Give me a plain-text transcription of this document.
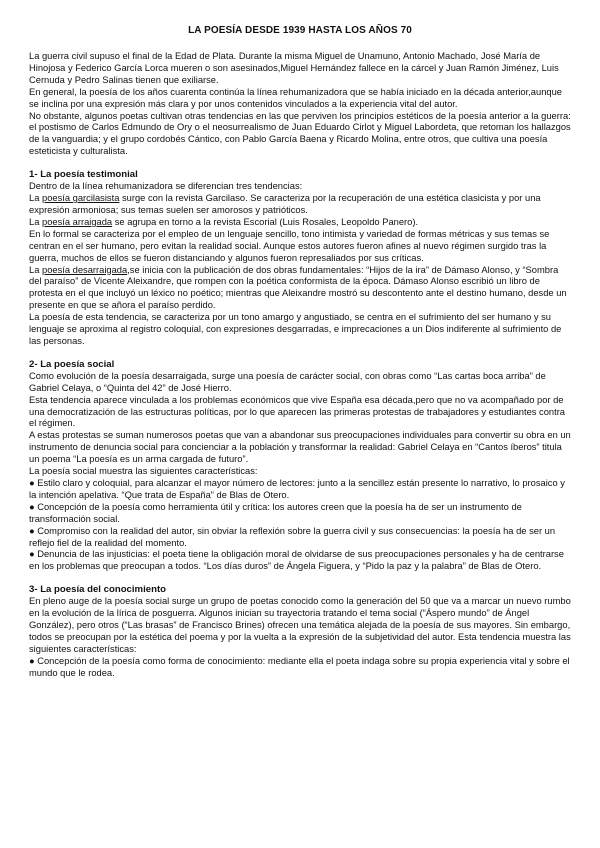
LA POESÍA DESDE 1939 HASTA LOS AÑOS 70

La guerra civil supuso el final de la Edad de Plata. Durante la misma Miguel de Unamuno, Antonio Machado, José María de Hinojosa y Federico García Lorca mueren o son asesinados,Miguel Hernández fallece en la cárcel y Juan Ramón Jiménez, Luis Cernuda y Pedro Salinas tienen que exiliarse.

En general, la poesía de los años cuarenta continúa la línea rehumanizadora que se había iniciado en la década anterior,aunque se inclina por una expresión más clara y por unos contenidos vinculados a la experiencia vital del autor.

No obstante, algunos poetas cultivan otras tendencias en las que perviven los principios estéticos de la poesía anterior a la guerra: el postismo de Carlos Edmundo de Ory o el neosurrealismo de Juan Eduardo Cirlot y Miguel Labordeta, que retoman los hallazgos de la vanguardia; y el grupo cordobés Cántico, con Pablo García Baena y Ricardo Molina, entre otros, que cultiva una poesía esteticista y culturalista.

1- La poesía testimonial

Dentro de la línea rehumanizadora se diferencian tres tendencias:

La poesía garcilasista surge con la revista Garcilaso. Se caracteriza por la recuperación de una estética clasicista y por una expresión armoniosa; sus temas suelen ser amorosos y patrióticos.

La poesía arraigada se agrupa en torno a la revista Escorial (Luis Rosales, Leopoldo Panero).

En lo formal se caracteriza por el empleo de un lenguaje sencillo, tono intimista y variedad de formas métricas y sus temas se centran en el ser humano, pero evitan la realidad social. Aunque estos autores fueron afines al nuevo régimen surgido tras la guerra, muchos de ellos se fueron distanciando y algunos fueron represaliados por sus críticas.

La poesía desarraigada,se inicia con la publicación de dos obras fundamentales: “Hijos de la ira” de Dámaso Alonso, y “Sombra del paraíso” de Vicente Aleixandre, que rompen con la poética conformista de la época. Dámaso Alonso escribió un libro de protesta en el que incluyó un léxico no poético; mientras que Aleixandre mostró su descontento ante el destino humano, desde un presente en que se añora el paraíso perdido.

La poesía de esta tendencia, se caracteriza por un tono amargo y angustiado, se centra en el sufrimiento del ser humano y su lenguaje se aproxima al registro coloquial, con expresiones desgarradas, e imprecaciones a un Dios indiferente al sufrimiento de las personas.

2- La poesía social

Como evolución de la poesía desarraigada, surge una poesía de carácter social, con obras como “Las cartas boca arriba” de Gabriel Celaya, o “Quinta del 42” de José Hierro.

Esta tendencia aparece vinculada a los problemas económicos que vive España esa década,pero que no va acompañado por de una democratización de las estructuras políticas, por lo que aparecen las primeras protestas de trabajadores y estudiantes contra el régimen.

A estas protestas se suman numerosos poetas que van a abandonar sus preocupaciones individuales para convertir su obra en un instrumento de denuncia social para concienciar a la población y transformar la realidad: Gabriel Celaya en “Cantos íberos” titula un poema “La poesía es un arma cargada de futuro”.

La poesía social muestra las siguientes características:

● Estilo claro y coloquial, para alcanzar el mayor número de lectores: junto a la sencillez están presente lo narrativo, lo prosaico y la intención apelativa. “Que trata de España” de Blas de Otero.

● Concepción de la poesía como herramienta útil y crítica: los autores creen que la poesía ha de ser un instrumento de transformación social.

● Compromiso con la realidad del autor, sin obviar la reflexión sobre la guerra civil y sus consecuencias: la poesía ha de ser un reflejo fiel de la realidad del momento.

● Denuncia de las injusticias: el poeta tiene la obligación moral de olvidarse de sus preocupaciones personales y ha de centrarse en los problemas que preocupan a todos. “Los días duros” de Ángela Figuera, y “Pido la paz y la palabra” de Blas de Otero.

3- La poesía del conocimiento

En pleno auge de la poesía social surge un grupo de poetas conocido como la generación del 50 que va a marcar un nuevo rumbo en la evolución de la lírica de posguerra. Algunos inician su trayectoria tratando el tema social (“Áspero mundo” de Ángel González), pero otros (“Las brasas” de Francisco Brines) ofrecen una temática alejada de la poesía de sus mayores. Sin embargo, todos se preocupan por la estética del poema y por la vuelta a la expresión de la subjetividad del autor. Esta tendencia muestra las siguientes características:

● Concepción de la poesía como forma de conocimiento: mediante ella el poeta indaga sobre su propia experiencia vital y sobre el mundo que le rodea.
